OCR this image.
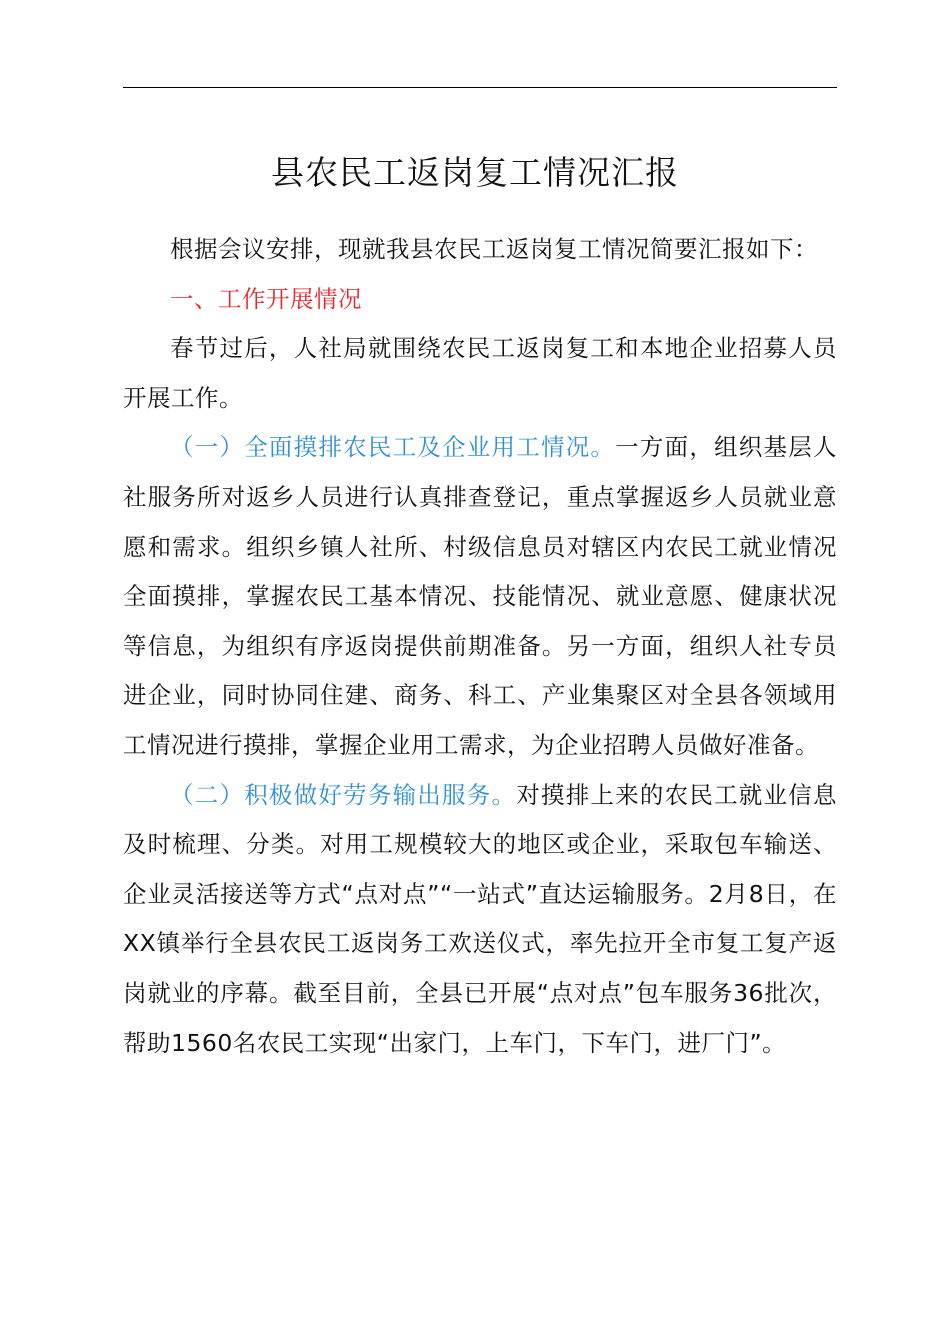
县农民工返岗复工情况汇报

根据会议安排，现就我县农民工返岗复工情况简要汇报如下：

一、工作开展情况

春节过后，人社局就围绕农民工返岗复工和本地企业招募人员开展工作。

（一）全面摸排农民工及企业用工情况。一方面，组织基层人社服务所对返乡人员进行认真排查登记，重点掌握返乡人员就业意愿和需求。组织乡镇人社所、村级信息员对辖区内农民工就业情况全面摸排，掌握农民工基本情况、技能情况、就业意愿、健康状况等信息，为组织有序返岗提供前期准备。另一方面，组织人社专员进企业，同时协同住建、商务、科工、产业集聚区对全县各领域用工情况进行摸排，掌握企业用工需求，为企业招聘人员做好准备。

（二）积极做好劳务输出服务。对摸排上来的农民工就业信息及时梳理、分类。对用工规模较大的地区或企业，采取包车输送、企业灵活接送等方式“点对点”“一站式”直达运输服务。2月8日，在XX镇举行全县农民工返岗务工欢送仪式，率先拉开全市复工复产返岗就业的序幕。截至目前，全县已开展“点对点”包车服务36批次，帮助1560名农民工实现“出家门，上车门，下车门，进厂门”。
